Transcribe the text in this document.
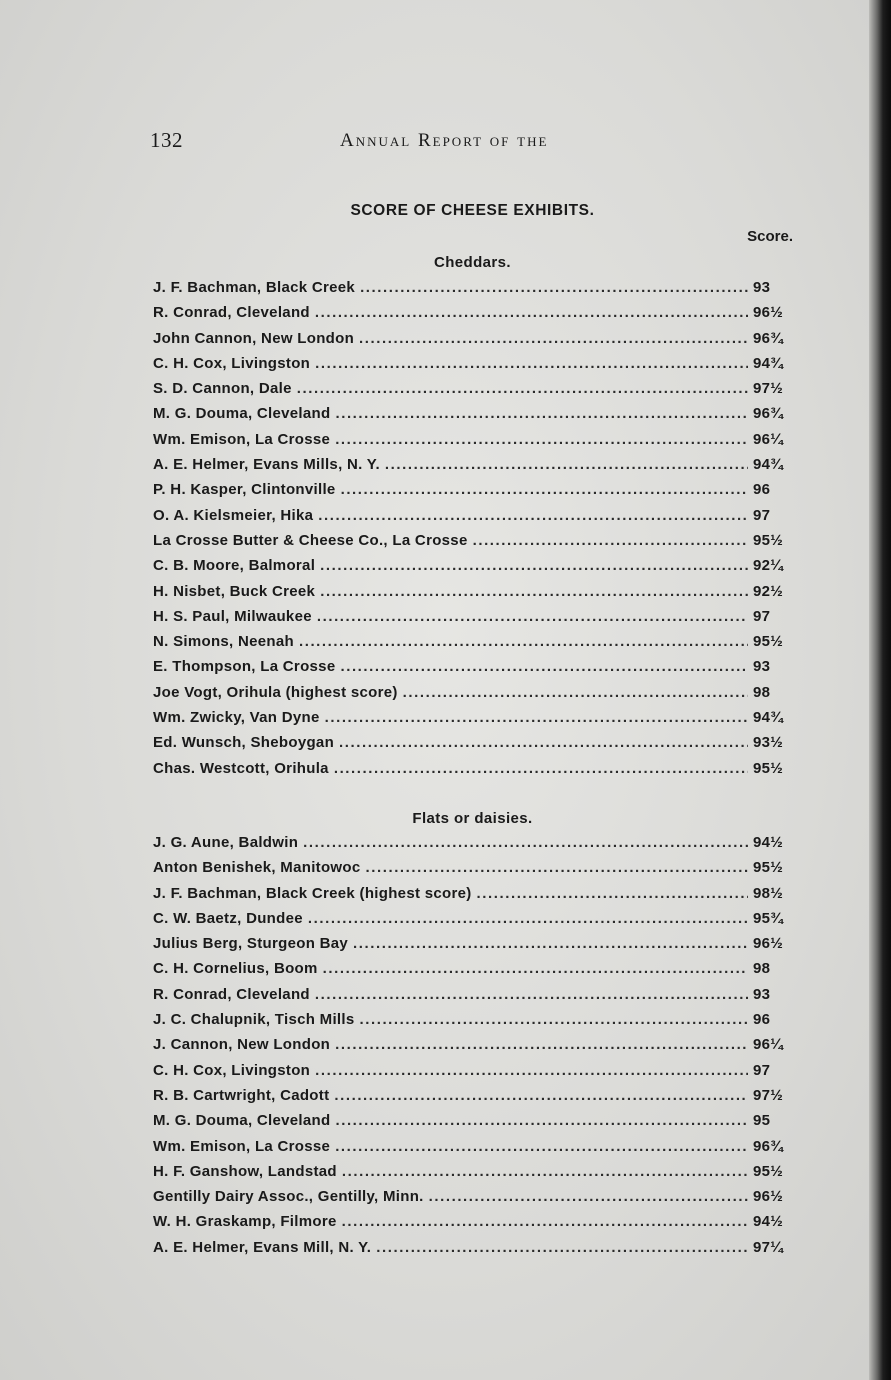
132	Annual Report of the
SCORE OF CHEESE EXHIBITS.
Score.
Cheddars.
J. F. Bachman, Black Creek . . .	93
R. Conrad, Cleveland . . .	96½
John Cannon, New London . . .	96¾
C. H. Cox, Livingston . . .	94¾
S. D. Cannon, Dale . . .	97½
M. G. Douma, Cleveland . . .	96¾
Wm. Emison, La Crosse . . .	96¼
A. E. Helmer, Evans Mills, N. Y. . . .	94¾
P. H. Kasper, Clintonville . . .	96
O. A. Kielsmeier, Hika . . .	97
La Crosse Butter & Cheese Co., La Crosse . . .	95½
C. B. Moore, Balmoral . . .	92¼
H. Nisbet, Buck Creek . . .	92½
H. S. Paul, Milwaukee . . .	97
N. Simons, Neenah . . .	95½
E. Thompson, La Crosse . . .	93
Joe Vogt, Orihula (highest score) . . .	98
Wm. Zwicky, Van Dyne . . .	94¾
Ed. Wunsch, Sheboygan . . .	93½
Chas. Westcott, Orihula . . .	95½
Flats or daisies.
J. G. Aune, Baldwin . . .	94½
Anton Benishek, Manitowoc . . .	95½
J. F. Bachman, Black Creek (highest score) . . .	98½
C. W. Baetz, Dundee . . .	95¾
Julius Berg, Sturgeon Bay . . .	96½
C. H. Cornelius, Boom . . .	98
R. Conrad, Cleveland . . .	93
J. C. Chalupnik, Tisch Mills . . .	96
J. Cannon, New London . . .	96¼
C. H. Cox, Livingston . . .	97
R. B. Cartwright, Cadott . . .	97½
M. G. Douma, Cleveland . . .	95
Wm. Emison, La Crosse . . .	96¾
H. F. Ganshow, Landstad . . .	95½
Gentilly Dairy Assoc., Gentilly, Minn. . . .	96½
W. H. Graskamp, Filmore . . .	94½
A. E. Helmer, Evans Mill, N. Y. . . .	97¼
